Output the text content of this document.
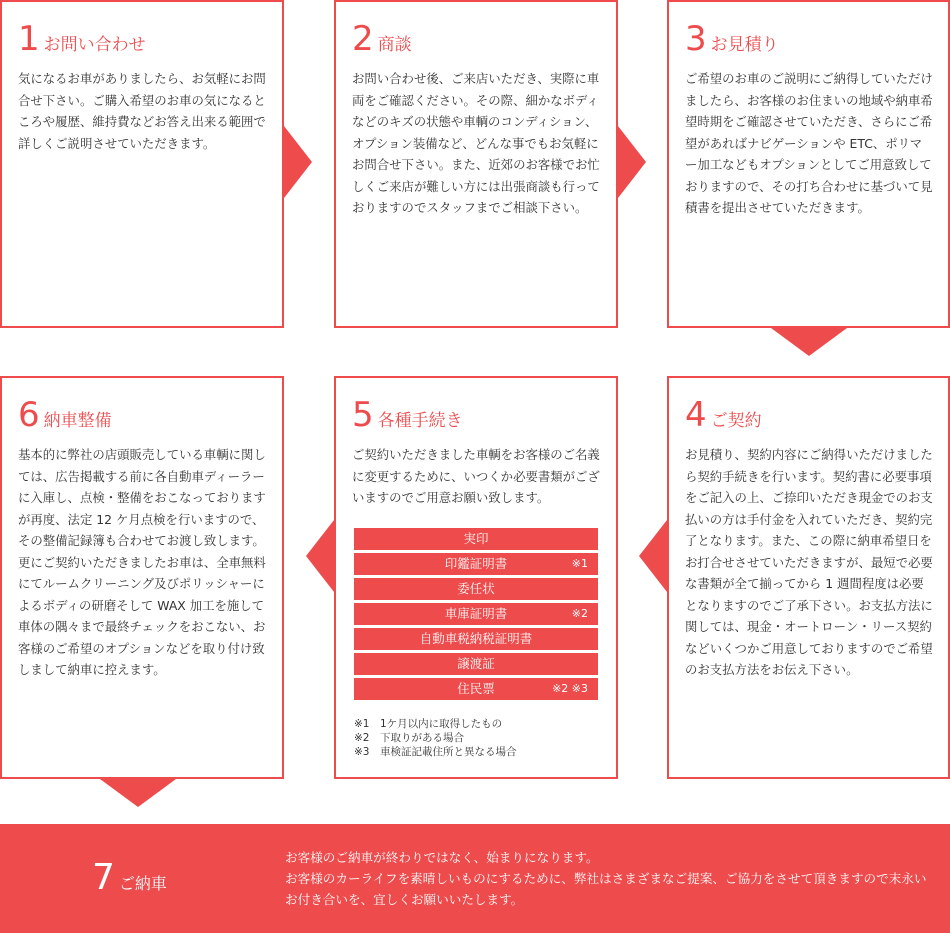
1 お問い合わせ
気になるお車がありましたら、お気軽にお問合せ下さい。ご購入希望のお車の気になるところや履歴、維持費などお答え出来る範囲で詳しくご説明させていただきます。
2 商談
お問い合わせ後、ご来店いただき、実際に車両をご確認ください。その際、細かなボディなどのキズの状態や車輌のコンディション、オプション装備など、どんな事でもお気軽にお問合せ下さい。また、近郊のお客様でお忙しくご来店が難しい方には出張商談も行っておりますのでスタッフまでご相談下さい。
3 お見積り
ご希望のお車のご説明にご納得していただけましたら、お客様のお住まいの地域や納車希望時期をご確認させていただき、さらにご希望があればナビゲーションや ETC、ポリマー加工などもオプションとしてご用意致しておりますので、その打ち合わせに基づいて見積書を提出させていただきます。
6 納車整備
基本的に弊社の店頭販売している車輌に関しては、広告掲載する前に各自動車ディーラーに入庫し、点検・整備をおこなっておりますが再度、法定 12 ケ月点検を行いますので、その整備記録簿も合わせてお渡し致します。更にご契約いただきましたお車は、全車無料にてルームクリーニング及びポリッシャーによるボディの研磨そして WAX 加工を施して車体の隅々まで最終チェックをおこない、お客様のご希望のオプションなどを取り付け致しまして納車に控えます。
5 各種手続き
ご契約いただきました車輌をお客様のご名義に変更するために、いつくか必要書類がございますのでご用意お願い致します。
4 ご契約
お見積り、契約内容にご納得いただけましたら契約手続きを行います。契約書に必要事項をご記入の上、ご捺印いただき現金でのお支払いの方は手付金を入れていただき、契約完了となります。また、この際に納車希望日をお打合せさせていただきますが、最短で必要な書類が全て揃ってから 1 週間程度は必要となりますのでご了承下さい。お支払方法に関しては、現金・オートローン・リース契約などいくつかご用意しておりますのでご希望のお支払方法をお伝え下さい。
実印
印鑑証明書	※1
委任状
車庫証明書	※2
自動車税納税証明書
譲渡証
住民票	※2 ※3
※1　1ケ月以内に取得したもの
※2　下取りがある場合
※3　車検証記載住所と異なる場合
7 ご納車
お客様のご納車が終わりではなく、始まりになります。
お客様のカーライフを素晴しいものにするために、弊社はさまざまなご提案、ご協力をさせて頂きますので末永いお付き合いを、宜しくお願いいたします。
